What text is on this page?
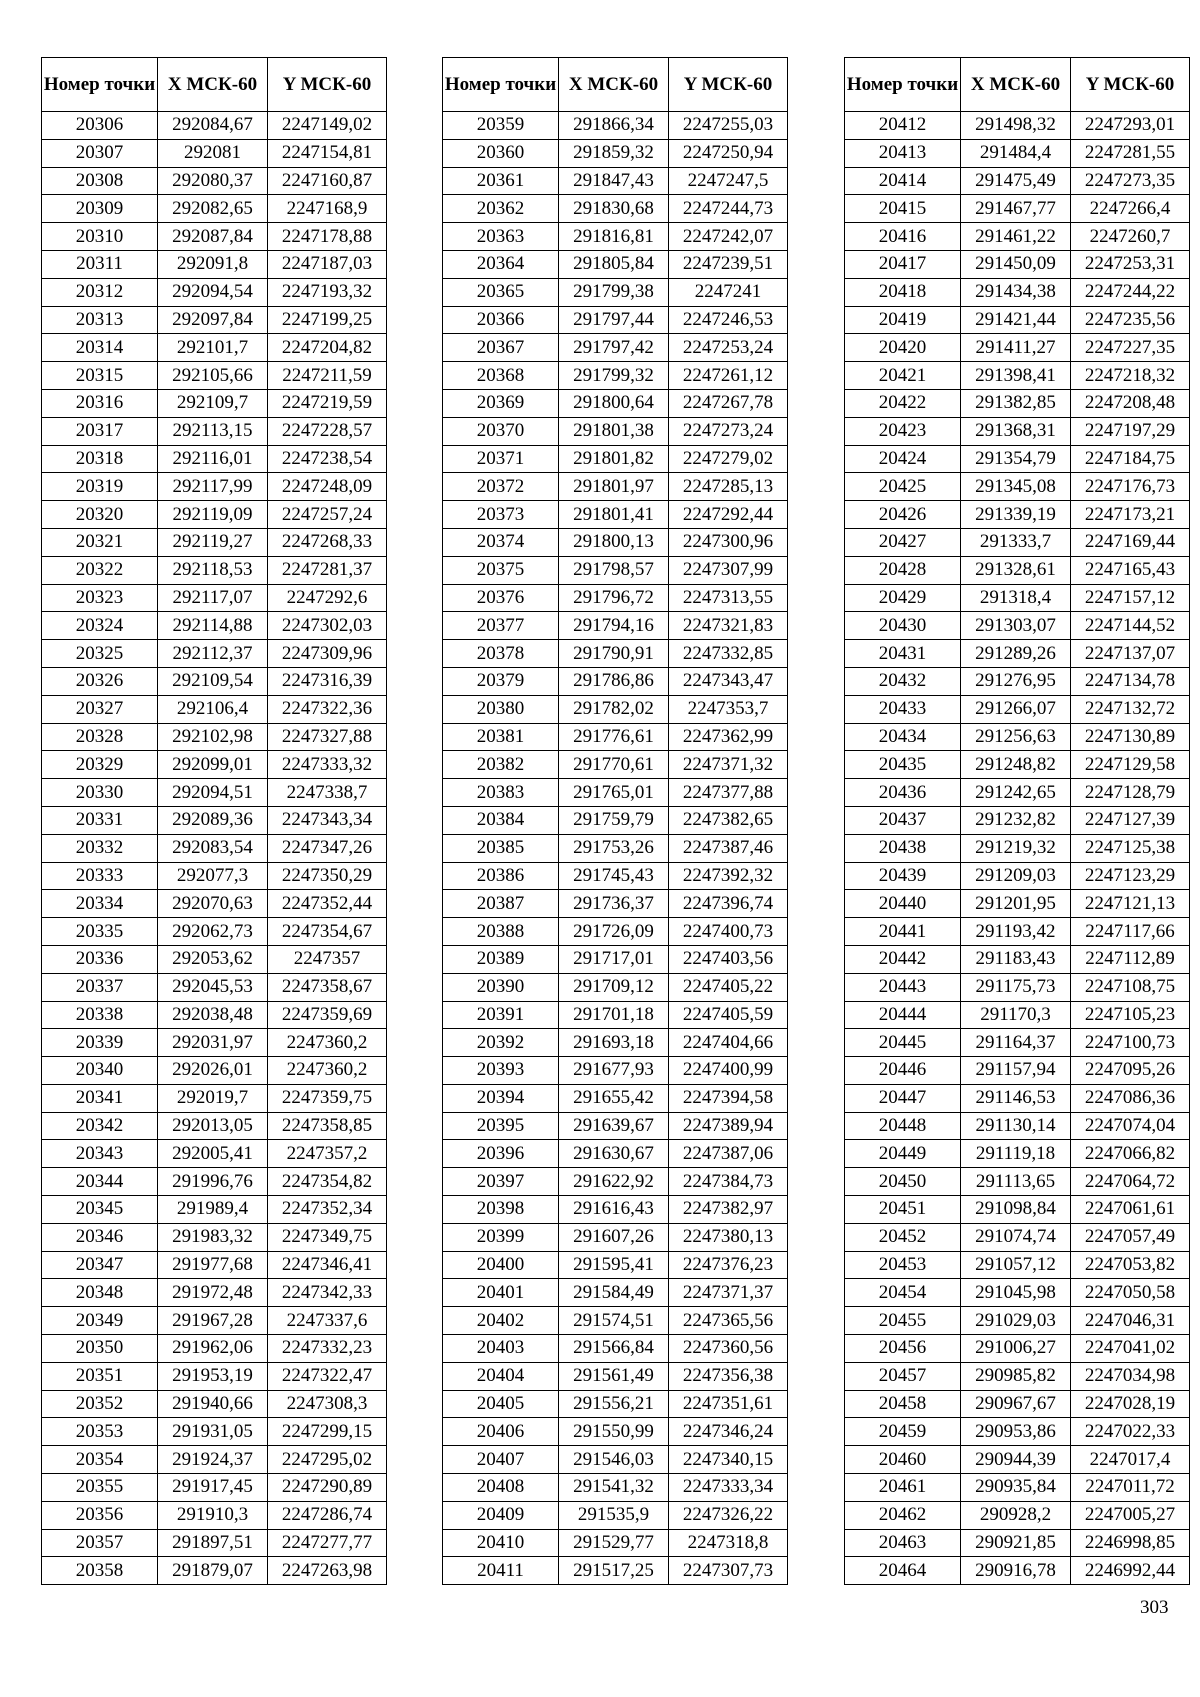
Номер точки	X МСК-60	Y МСК-60
20306	292084,67	2247149,02
20307	292081	2247154,81
20308	292080,37	2247160,87
20309	292082,65	2247168,9
20310	292087,84	2247178,88
20311	292091,8	2247187,03
20312	292094,54	2247193,32
20313	292097,84	2247199,25
20314	292101,7	2247204,82
20315	292105,66	2247211,59
20316	292109,7	2247219,59
20317	292113,15	2247228,57
20318	292116,01	2247238,54
20319	292117,99	2247248,09
20320	292119,09	2247257,24
20321	292119,27	2247268,33
20322	292118,53	2247281,37
20323	292117,07	2247292,6
20324	292114,88	2247302,03
20325	292112,37	2247309,96
20326	292109,54	2247316,39
20327	292106,4	2247322,36
20328	292102,98	2247327,88
20329	292099,01	2247333,32
20330	292094,51	2247338,7
20331	292089,36	2247343,34
20332	292083,54	2247347,26
20333	292077,3	2247350,29
20334	292070,63	2247352,44
20335	292062,73	2247354,67
20336	292053,62	2247357
20337	292045,53	2247358,67
20338	292038,48	2247359,69
20339	292031,97	2247360,2
20340	292026,01	2247360,2
20341	292019,7	2247359,75
20342	292013,05	2247358,85
20343	292005,41	2247357,2
20344	291996,76	2247354,82
20345	291989,4	2247352,34
20346	291983,32	2247349,75
20347	291977,68	2247346,41
20348	291972,48	2247342,33
20349	291967,28	2247337,6
20350	291962,06	2247332,23
20351	291953,19	2247322,47
20352	291940,66	2247308,3
20353	291931,05	2247299,15
20354	291924,37	2247295,02
20355	291917,45	2247290,89
20356	291910,3	2247286,74
20357	291897,51	2247277,77
20358	291879,07	2247263,98
Номер точки	X МСК-60	Y МСК-60
20359	291866,34	2247255,03
20360	291859,32	2247250,94
20361	291847,43	2247247,5
20362	291830,68	2247244,73
20363	291816,81	2247242,07
20364	291805,84	2247239,51
20365	291799,38	2247241
20366	291797,44	2247246,53
20367	291797,42	2247253,24
20368	291799,32	2247261,12
20369	291800,64	2247267,78
20370	291801,38	2247273,24
20371	291801,82	2247279,02
20372	291801,97	2247285,13
20373	291801,41	2247292,44
20374	291800,13	2247300,96
20375	291798,57	2247307,99
20376	291796,72	2247313,55
20377	291794,16	2247321,83
20378	291790,91	2247332,85
20379	291786,86	2247343,47
20380	291782,02	2247353,7
20381	291776,61	2247362,99
20382	291770,61	2247371,32
20383	291765,01	2247377,88
20384	291759,79	2247382,65
20385	291753,26	2247387,46
20386	291745,43	2247392,32
20387	291736,37	2247396,74
20388	291726,09	2247400,73
20389	291717,01	2247403,56
20390	291709,12	2247405,22
20391	291701,18	2247405,59
20392	291693,18	2247404,66
20393	291677,93	2247400,99
20394	291655,42	2247394,58
20395	291639,67	2247389,94
20396	291630,67	2247387,06
20397	291622,92	2247384,73
20398	291616,43	2247382,97
20399	291607,26	2247380,13
20400	291595,41	2247376,23
20401	291584,49	2247371,37
20402	291574,51	2247365,56
20403	291566,84	2247360,56
20404	291561,49	2247356,38
20405	291556,21	2247351,61
20406	291550,99	2247346,24
20407	291546,03	2247340,15
20408	291541,32	2247333,34
20409	291535,9	2247326,22
20410	291529,77	2247318,8
20411	291517,25	2247307,73
Номер точки	X МСК-60	Y МСК-60
20412	291498,32	2247293,01
20413	291484,4	2247281,55
20414	291475,49	2247273,35
20415	291467,77	2247266,4
20416	291461,22	2247260,7
20417	291450,09	2247253,31
20418	291434,38	2247244,22
20419	291421,44	2247235,56
20420	291411,27	2247227,35
20421	291398,41	2247218,32
20422	291382,85	2247208,48
20423	291368,31	2247197,29
20424	291354,79	2247184,75
20425	291345,08	2247176,73
20426	291339,19	2247173,21
20427	291333,7	2247169,44
20428	291328,61	2247165,43
20429	291318,4	2247157,12
20430	291303,07	2247144,52
20431	291289,26	2247137,07
20432	291276,95	2247134,78
20433	291266,07	2247132,72
20434	291256,63	2247130,89
20435	291248,82	2247129,58
20436	291242,65	2247128,79
20437	291232,82	2247127,39
20438	291219,32	2247125,38
20439	291209,03	2247123,29
20440	291201,95	2247121,13
20441	291193,42	2247117,66
20442	291183,43	2247112,89
20443	291175,73	2247108,75
20444	291170,3	2247105,23
20445	291164,37	2247100,73
20446	291157,94	2247095,26
20447	291146,53	2247086,36
20448	291130,14	2247074,04
20449	291119,18	2247066,82
20450	291113,65	2247064,72
20451	291098,84	2247061,61
20452	291074,74	2247057,49
20453	291057,12	2247053,82
20454	291045,98	2247050,58
20455	291029,03	2247046,31
20456	291006,27	2247041,02
20457	290985,82	2247034,98
20458	290967,67	2247028,19
20459	290953,86	2247022,33
20460	290944,39	2247017,4
20461	290935,84	2247011,72
20462	290928,2	2247005,27
20463	290921,85	2246998,85
20464	290916,78	2246992,44
303
